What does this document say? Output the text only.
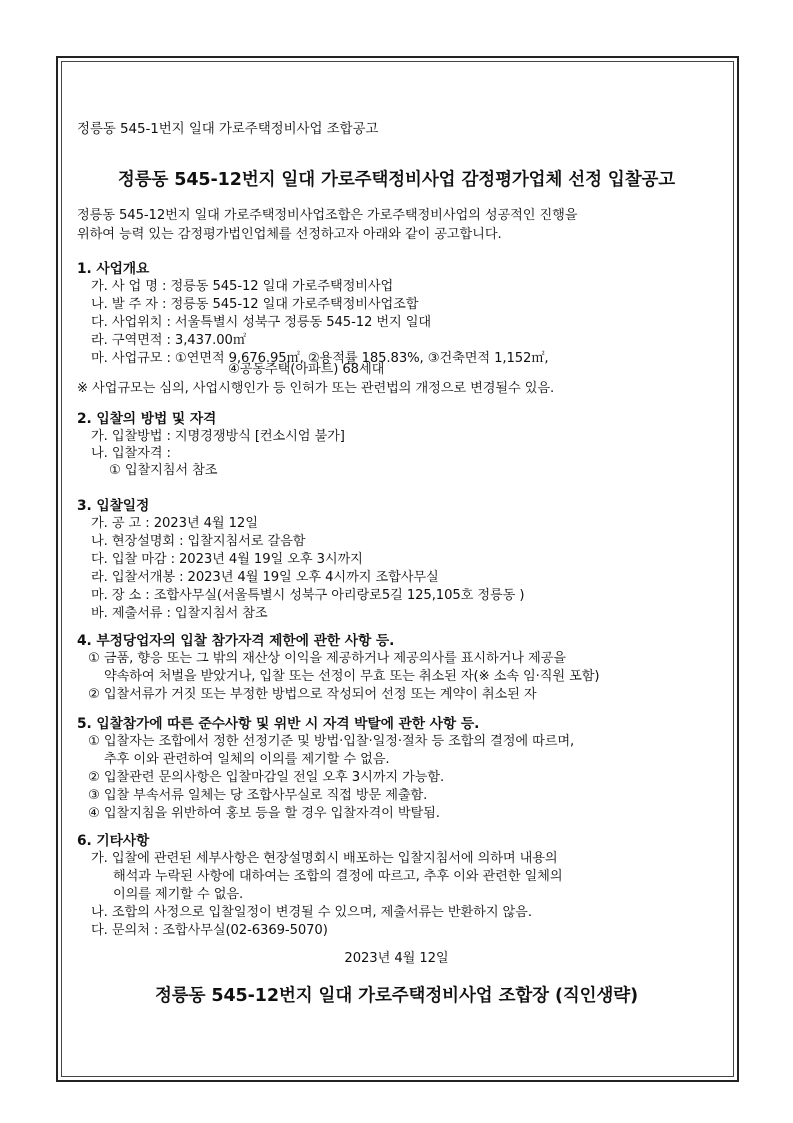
정릉동 545-1번지 일대 가로주택정비사업 조합공고
정릉동 545-12번지 일대 가로주택정비사업 감정평가업체 선정 입찰공고
정릉동 545-12번지 일대 가로주택정비사업조합은 가로주택정비사업의 성공적인 진행을
위하여 능력 있는 감정평가법인업체를 선정하고자 아래와 같이 공고합니다.
1. 사업개요
가. 사 업 명 : 정릉동 545-12 일대 가로주택정비사업
나. 발 주 자 : 정릉동 545-12 일대 가로주택정비사업조합
다. 사업위치 : 서울특별시 성북구 정릉동 545-12 번지 일대
라. 구역면적 : 3,437.00㎡
마. 사업규모 : ①연면적 9,676.95㎡, ②용적률 185.83%, ③건축면적 1,152㎡,
④공동주택(아파트) 68세대
※ 사업규모는 심의, 사업시행인가 등 인허가 또는 관련법의 개정으로 변경될수 있음.
2. 입찰의 방법 및 자격
가. 입찰방법 : 지명경쟁방식 [컨소시엄 불가]
나. 입찰자격 :
① 입찰지침서 참조
3. 입찰일정
가. 공 고 : 2023년 4월 12일
나. 현장설명회 : 입찰지침서로 갈음함
다. 입찰 마감 : 2023년 4월 19일 오후 3시까지
라. 입찰서개봉 : 2023년 4월 19일 오후 4시까지 조합사무실
마. 장 소 : 조합사무실(서울특별시 성북구 아리랑로5길 125,105호 정릉동 )
바. 제출서류 : 입찰지침서 참조
4. 부정당업자의 입찰 참가자격 제한에 관한 사항 등.
① 금품, 향응 또는 그 밖의 재산상 이익을 제공하거나 제공의사를 표시하거나 제공을
약속하여 처벌을 받았거나, 입찰 또는 선정이 무효 또는 취소된 자(※ 소속 임·직원 포함)
② 입찰서류가 거짓 또는 부정한 방법으로 작성되어 선정 또는 계약이 취소된 자
5. 입찰참가에 따른 준수사항 및 위반 시 자격 박탈에 관한 사항 등.
① 입찰자는 조합에서 정한 선정기준 및 방법·입찰·일정·절차 등 조합의 결정에 따르며,
추후 이와 관련하여 일체의 이의를 제기할 수 없음.
② 입찰관련 문의사항은 입찰마감일 전일 오후 3시까지 가능함.
③ 입찰 부속서류 일체는 당 조합사무실로 직접 방문 제출함.
④ 입찰지침을 위반하여 홍보 등을 할 경우 입찰자격이 박탈됨.
6. 기타사항
가. 입찰에 관련된 세부사항은 현장설명회시 배포하는 입찰지침서에 의하며 내용의
해석과 누락된 사항에 대하여는 조합의 결정에 따르고, 추후 이와 관련한 일체의
이의를 제기할 수 없음.
나. 조합의 사정으로 입찰일정이 변경될 수 있으며, 제출서류는 반환하지 않음.
다. 문의처 : 조합사무실(02-6369-5070)
2023년 4월 12일
정릉동 545-12번지 일대 가로주택정비사업 조합장 (직인생략)
